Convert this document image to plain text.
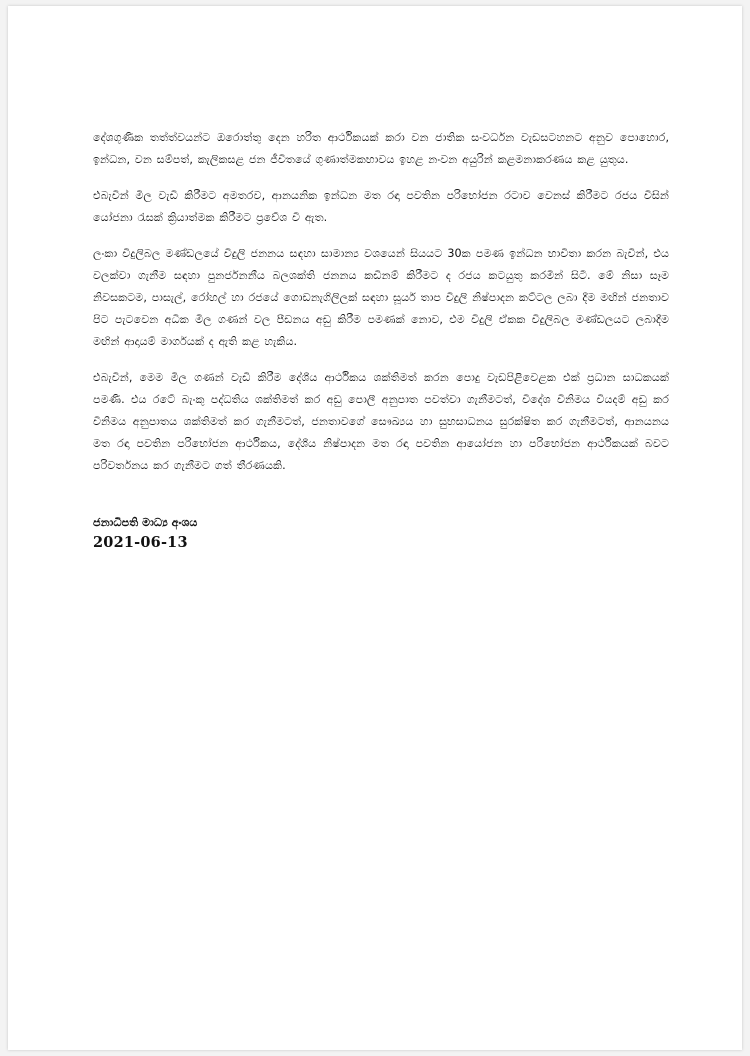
දේශගුණික තත්ත්වයන්ට ඔරොත්තු දෙන හරිත ආර්ථිකයක් කරා වන ජාතික සංවර්ධන වැඩසටහනට අනුව පොහොර, ඉන්ධන, වන සම්පත්, කැලිකසළ ජන ජීවිතයේ ගුණාත්මකභාවය ඉහළ නංවන අයුරින් කළමනාකරණය කළ යුතුය.

එබැවින් මිල වැඩි කිරීමට අමතරව, ආනයනික ඉන්ධන මත රඳා පවතින පරිභෝජන රටාව වෙනස් කිරීමට රජය විසින් යෝජනා රැසක් ක්‍රියාත්මක කිරීමට ප්‍රවේශ වී ඇත.

ලංකා විදුලිබල මණ්ඩලයේ විදුලි ජනනය සඳහා සාමාන්‍ය වශයෙන් සියයට 30ක පමණ ඉන්ධන භාවිතා කරන බැවින්, එය වලක්වා ගැනීම සඳහා පුනර්ජනනීය බලශක්ති ජනනය කඩිනම් කිරීමට ද රජය කටයුතු කරමින් සිටී. මේ නිසා සෑම නිවසකටම, පාසැල්, රෝහල් හා රජයේ ගොඩනැගිලිලක් සඳහා සූර්ය තාප විදුලි නිෂ්පාදන කට්ටල ලබා දීම මඟින් ජනතාව පිට පැටවෙන අධික මිල ගණන් වල පීඩනය අඩු කිරීම පමණක් නොව, එම විදුලි ඒකක විදුලිබල මණ්ඩලයට ලබාදීම මඟින් ආදායම් මාර්ගයක් ද ඇති කළ හැකිය.

එබැවින්, මෙම මිල ගණන් වැඩි කිරීම දේශීය ආර්ථිකය ශක්තිමත් කරන පොදු වැඩපිළිවෙළක එක් ප්‍රධාන සාධකයක් පමණි. එය රටේ බැංකු පද්ධතිය ශක්තිමත් කර අඩු පොලී අනුපාත පවත්වා ගැනීමටත්, විදේශ විනිමය වියදම් අඩු කර විනිමය අනුපාතය ශක්තිමත් කර ගැනීමටත්, ජනතාවගේ සෞඛ්‍යය හා සුභසාධනය සුරක්ෂිත කර ගැනීමටත්, ආනයනය මත රඳා පවතින පරිභෝජන ආර්ථිකය, දේශීය නිෂ්පාදන මත රඳා පවතින ආයෝජන හා පරිභෝජන ආර්ථිකයක් බවට පරිවර්තනය කර ගැනීමට ගත් තීරණයකි.

ජනාධිපති මාධ්‍ය අංශය
2021-06-13
